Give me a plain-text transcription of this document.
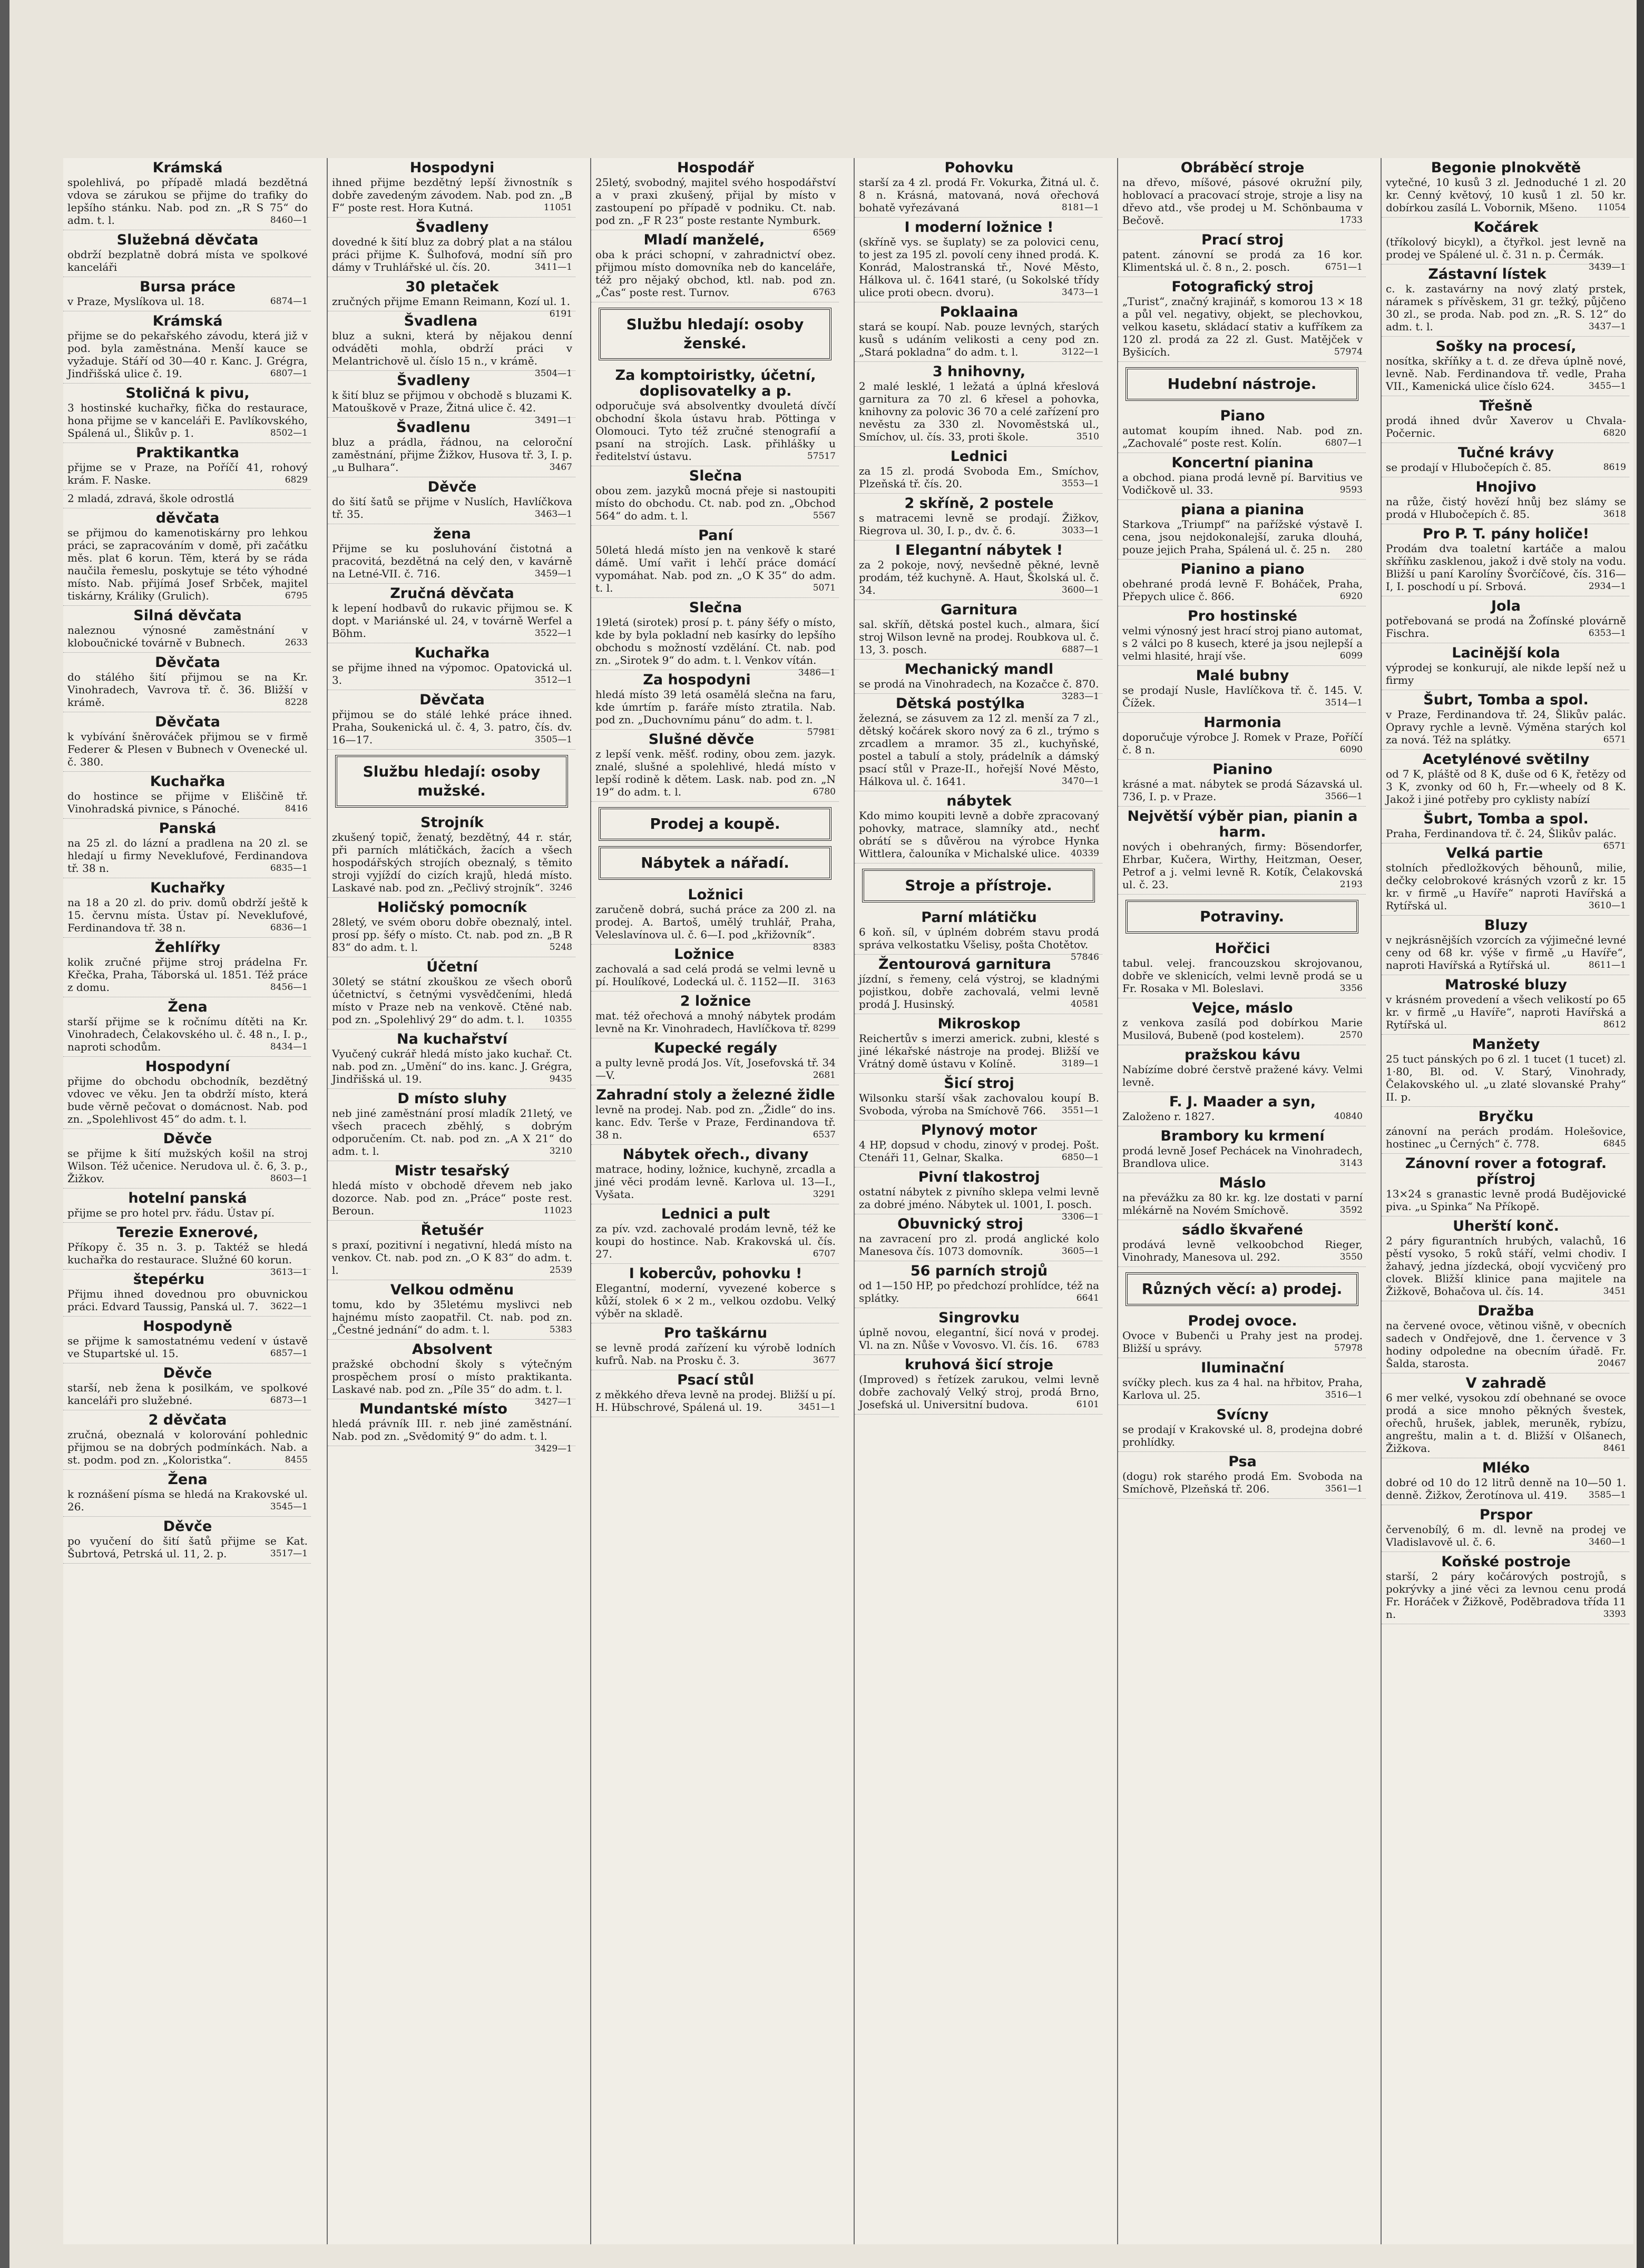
Krámská

spolehlivá, po případě mladá bezdětná vdova se zárukou se přijme do trafiky do lepšího stánku. Nab. pod zn. „R S 75“ do adm. t. l.	8460—1

Služebná děvčata

obdrží bezplatně dobrá místa ve spolkové kanceláři

Bursa práce

v Praze, Myslíkova ul. 18.	6874—1

Krámská

přijme se do pekařského závodu, která již v pod. byla zaměstnána. Menší kauce se vyžaduje. Stáří od 30—40 r. Kanc. J. Grégra, Jindřišská ulice č. 19.	6807—1

Stoličná k pivu,

3 hostinské kuchařky, fička do restaurace, hona přijme se v kanceláři E. Pavlíkovského, Spálená ul., Šlikův p. 1.	8502—1

Praktikantka

přijme se v Praze, na Poříčí 41, rohový krám. F. Naske.	6829

2 mladá, zdravá, škole odrostlá

děvčata

se přijmou do kamenotiskárny pro lehkou práci, se zapracováním v domě, při začátku měs. plat 6 korun. Těm, která by se ráda naučila řemeslu, poskytuje se této výhodné místo. Nab. přijímá Josef Srbček, majitel tiskárny, Králiky (Grulich).	6795

Silná děvčata

naleznou výnosné zaměstnání v kloboučnické továrně v Bubnech.	2633

Děvčata

do stálého šití přijmou se na Kr. Vinohradech, Vavrova tř. č. 36. Bližší v krámě.	8228

Děvčata

k vybívání šněrováček přijmou se v firmě Federer & Plesen v Bubnech v Ovenecké ul. č. 380.

Kuchařka

do hostince se přijme v Eliščině tř. Vinohradská pivnice, s Pánoché.	8416

Panská

na 25 zl. do lázní a pradlena na 20 zl. se hledají u firmy Neveklufové, Ferdinandova tř. 38 n.	6835—1

Kuchařky

na 18 a 20 zl. do priv. domů obdrží ještě k 15. červnu místa. Ústav pí. Neveklufové, Ferdinandova tř. 38 n.	6836—1

Žehlířky

kolik zručné přijme stroj prádelna Fr. Křečka, Praha, Táborská ul. 1851. Též práce z domu.	8456—1

Žena

starší přijme se k ročnímu dítěti na Kr. Vinohradech, Čelakovského ul. č. 48 n., I. p., naproti schodům.	8434—1

Hospodyní

přijme do obchodu obchodník, bezdětný vdovec ve věku. Jen ta obdrží místo, která bude věrně pečovat o domácnost. Nab. pod zn. „Spolehlivost 45“ do adm. t. l.

Děvče

se přijme k šití mužských košil na stroj Wilson. Též učenice. Nerudova ul. č. 6, 3. p., Žižkov.	8603—1

hotelní panská

přijme se pro hotel prv. řádu. Ústav pí.

Terezie Exnerové,

Příkopy č. 35 n. 3. p. Taktéž se hledá kuchařka do restaurace. Služné 60 korun.
3613—1

štepérku

Přijmu ihned dovednou pro obuvnickou práci. Edvard Taussig, Panská ul. 7. 3622—1

Hospodyně

se přijme k samostatnému vedení v ústavě ve Stupartské ul. 15.	6857—1

Děvče

starší, neb žena k posilkám, ve spolkové kanceláři pro služebné.	6873—1

2 děvčata

zručná, obeznalá v kolorování pohlednic přijmou se na dobrých podmínkách. Nab. a st. podm. pod zn. „Koloristka“.	8455

Žena

k roznášení písma se hledá na Krakovské ul. 26.	3545—1

Děvče

po vyučení do šití šatů přijme se Kat. Šubrtová, Petrská ul. 11, 2. p.	3517—1

Hospodyni

ihned přijme bezdětný lepší živnostník s dobře zavedeným závodem. Nab. pod zn. „B F“ poste rest. Hora Kutná.	11051

Švadleny

dovedné k šití bluz za dobrý plat a na stálou práci přijme K. Šulhofová, modní síň pro dámy v Truhlářské ul. čís. 20.	3411—1

30 pletaček

zručných přijme Emann Reimann, Kozí ul. 1.
6191

Švadlena

bluz a sukni, která by nějakou denní odváděti mohla, obdrží práci v Melantrichově ul. číslo 15 n., v krámě.
3504—1

Švadleny

k šití bluz se přijmou v obchodě s bluzami K. Matouškově v Praze, Žitná ulice č. 42.
3491—1

Švadlenu

bluz a prádla, řádnou, na celoroční zaměstnání, přijme Žižkov, Husova tř. 3, I. p. „u Bulhara“.	3467

Děvče

do šití šatů se přijme v Nuslích, Havlíčkova tř. 35.	3463—1

žena

Přijme se ku posluhování čistotná a pracovitá, bezdětná na celý den, v kavárně na Letné-VII. č. 716.	3459—1

Zručná děvčata

k lepení hodbavů do rukavic přijmou se. K dopt. v Mariánské ul. 24, v továrně Werfel a Böhm.	3522—1

Kuchařka

se přijme ihned na výpomoc. Opatovická ul. 3.	3512—1

Děvčata

přijmou se do stálé lehké práce ihned. Praha, Soukenická ul. č. 4, 3. patro, čís. dv. 16—17.	3505—1

Službu hledají: osoby mužské.
Strojník

zkušený topič, ženatý, bezdětný, 44 r. stár, při parních mlátičkách, žacích a všech hospodářských strojích obeznalý, s těmito stroji vyjíždí do cizích krajů, hledá místo. Laskavé nab. pod zn. „Pečlivý strojník“. 3246

Holičský pomocník

28letý, ve svém oboru dobře obeznalý, intel. prosí pp. šéfy o místo. Ct. nab. pod zn. „B R 83“ do adm. t. l.	5248

Účetní

30letý se státní zkouškou ze všech oborů účetnictví, s četnými vysvědčeními, hledá místo v Praze neb na venkově. Ctěné nab. pod zn. „Spolehlivý 29“ do adm. t. l. 10355

Na kuchařství

Vyučený cukrář hledá místo jako kuchař. Ct. nab. pod zn. „Umění“ do ins. kanc. J. Grégra, Jindřišská ul. 19.	9435

D místo sluhy

neb jiné zaměstnání prosí mladík 21letý, ve všech pracech zběhlý, s dobrým odporučením. Ct. nab. pod zn. „A X 21“ do adm. t. l.	3210

Mistr tesařský

hledá místo v obchodě dřevem neb jako dozorce. Nab. pod zn. „Práce“ poste rest. Beroun.	11023

Řetušér

s praxí, pozitivní i negativní, hledá místo na venkov. Ct. nab. pod zn. „O K 83“ do adm. t. l.	2539

Velkou odměnu

tomu, kdo by 35letému myslivci neb hajnému místo zaopatřil. Ct. nab. pod zn. „Čestné jednání“ do adm. t. l.	5383

Absolvent

pražské obchodní školy s výtečným prospěchem prosí o místo praktikanta. Laskavé nab. pod zn. „Píle 35“ do adm. t. l.
3427—1

Mundantské místo

hledá právník III. r. neb jiné zaměstnání. Nab. pod zn. „Svědomitý 9“ do adm. t. l.
3429—1

Hospodář

25letý, svobodný, majitel svého hospodářství a v praxi zkušený, přijal by místo v zastoupení po případě v podniku. Ct. nab. pod zn. „F R 23“ poste restante Nymburk.
6569

Mladí manželé,

oba k práci schopní, v zahradnictví obez. přijmou místo domovníka neb do kanceláře, též pro nějaký obchod, ktl. nab. pod zn. „Čas“ poste rest. Turnov.	6763

Službu hledají: osoby ženské.
Za komptoiristky, účetní, doplisovatelky a p.

odporučuje svá absolventky dvouletá dívčí obchodní škola ústavu hrab. Pöttinga v Olomouci. Tyto též zručné stenografií a psaní na strojích. Lask. přihlášky u ředitelství ústavu.	57517

Slečna

obou zem. jazyků mocná přeje si nastoupiti místo do obchodu. Ct. nab. pod zn. „Obchod 564“ do adm. t. l.	5567

Paní

50letá hledá místo jen na venkově k staré dámě. Umí vařit i lehčí práce domácí vypomáhat. Nab. pod zn. „O K 35“ do adm. t. l.	5071

Slečna

19letá (sirotek) prosí p. t. pány šéfy o místo, kde by byla pokladní neb kasírky do lepšího obchodu s možností vzdělání. Ct. nab. pod zn. „Sirotek 9“ do adm. t. l. Venkov vítán.
3486—1

Za hospodyni

hledá místo 39 letá osamělá slečna na faru, kde úmrtím p. faráře místo ztratila. Nab. pod zn. „Duchovnímu pánu“ do adm. t. l.
57981

Slušné děvče

z lepší venk. měšť. rodiny, obou zem. jazyk. znalé, slušné a spolehlivé, hledá místo v lepší rodině k dětem. Lask. nab. pod zn. „N 19“ do adm. t. l.	6780

Prodej a koupě.
Nábytek a nářadí.
Ložnici

zaručeně dobrá, suchá práce za 200 zl. na prodej. A. Bartoš, umělý truhlář, Praha, Veleslavínova ul. č. 6—I. pod „křižovník“.
8383

Ložnice

zachovalá a sad celá prodá se velmi levně u pí. Houlíkové, Lodecká ul. č. 1152—II. 3163

2 ložnice

mat. též ořechová a mnohý nábytek prodám levně na Kr. Vinohradech, Havlíčkova tř. 8299

Kupecké regály

a pulty levně prodá Jos. Vít, Josefovská tř. 34—V.	2681

Zahradní stoly a železné židle

levně na prodej. Nab. pod zn. „Židle“ do ins. kanc. Edv. Terše v Praze, Ferdinandova tř. 38 n.	6537

Nábytek ořech., divany

matrace, hodiny, ložnice, kuchyně, zrcadla a jiné věci prodám levně. Karlova ul. 13—I., Vyšata.	3291

Lednici a pult

za pív. vzd. zachovalé prodám levně, též ke koupi do hostince. Nab. Krakovská ul. čís. 27.	6707

I kobercův, pohovku !

Elegantní, moderní, vyvezené koberce s kůží, stolek 6 × 2 m., velkou ozdobu. Velký výběr na skladě.

Pro taškárnu

se levně prodá zařízení ku výrobě lodních kufrů. Nab. na Prosku č. 3.	3677

Psací stůl

z měkkého dřeva levně na prodej. Bližší u pí. H. Hübschrové, Spálená ul. 19.	3451—1

Pohovku

starší za 4 zl. prodá Fr. Vokurka, Žitná ul. č. 8 n. Krásná, matovaná, nová ořechová bohatě vyřezávaná	8181—1

I moderní ložnice !

(skříně vys. se šuplaty) se za polovici cenu, to jest za 195 zl. povolí ceny ihned prodá. K. Konrád, Malostranská tř., Nové Město, Hálkova ul. č. 1641 staré, (u Sokolské třídy ulice proti obecn. dvoru).	3473—1

Poklaaina

stará se koupí. Nab. pouze levných, starých kusů s udáním velikosti a ceny pod zn. „Stará pokladna“ do adm. t. l.	3122—1

3 hnihovny,

2 malé lesklé, 1 ležatá a úplná křeslová garnitura za 70 zl. 6 křesel a pohovka, knihovny za polovic 36 70 a celé zařízení pro nevěstu za 330 zl. Novoměstská ul., Smíchov, ul. čís. 33, proti škole.	3510

Lednici

za 15 zl. prodá Svoboda Em., Smíchov, Plzeňská tř. čís. 20.	3553—1

2 skříně, 2 postele

s matracemi levně se prodají. Žižkov, Riegrova ul. 30, I. p., dv. č. 6.	3033—1

I Elegantní nábytek !

za 2 pokoje, nový, nevšedně pěkné, levně prodám, též kuchyně. A. Haut, Školská ul. č. 34.	3600—1

Garnitura

sal. skříň, dětská postel kuch., almara, šicí stroj Wilson levně na prodej. Roubkova ul. č. 13, 3. posch.	6887—1

Mechanický mandl

se prodá na Vinohradech, na Kozačce č. 870.
3283—1

Dětská postýlka

železná, se zásuvem za 12 zl. menší za 7 zl., dětský kočárek skoro nový za 6 zl., trýmo s zrcadlem a mramor. 35 zl., kuchyňské, postel a tabulí a stoly, prádelník a dámský psací stůl v Praze-II., hořejší Nové Město, Hálkova ul. č. 1641.	3470—1

nábytek

Kdo mimo koupiti levně a dobře zpracovaný pohovky, matrace, slamníky atd., nechť obrátí se s důvěrou na výrobce Hynka Wittlera, čalouníka v Michalské ulice. 40339

Stroje a přístroje.
Parní mlátičku

6 koň. síl, v úplném dobrém stavu prodá správa velkostatku Všelisy, pošta Chotětov.
57846

Žentourová garnitura

jízdní, s řemeny, celá výstroj, se kladnými pojistkou, dobře zachovalá, velmi levně prodá J. Husinský.	40581

Mikroskop

Reichertův s imerzi americk. zubni, klesté s jiné lékařské nástroje na prodej. Bližší ve Vrátný domě ústavu v Kolíně.	3189—1

Šicí stroj

Wilsonku starší však zachovalou koupí B. Svoboda, výroba na Smíchově 766. 3551—1

Plynový motor

4 HP, dopsud v chodu, zinový v prodej. Pošt. Ctenáři 11, Gelnar, Skalka.	6850—1

Pivní tlakostroj

ostatní nábytek z pivního sklepa velmi levně za dobré jméno. Nábytek ul. 1001, I. posch.
3306—1

Obuvnický stroj

na zavracení pro zl. prodá anglické kolo Manesova čís. 1073 domovník.	3605—1

56 parních strojů

od 1—150 HP, po předchozí prohlídce, též na splátky.	6641

Singrovku

úplně novou, elegantní, šicí nová v prodej. Vl. na zn. Nůše v Vovosvo. Vl. čís. 16. 6783

kruhová šicí stroje

(Improved) s řetízek zarukou, velmi levně dobře zachovalý Velký stroj, prodá Brno, Josefská ul. Universitní budova.	6101

Obráběcí stroje

na dřevo, míšové, pásové okružní pily, hoblovací a pracovací stroje, stroje a lisy na dřevo atd., vše prodej u M. Schönbauma v Bečově.	1733

Prací stroj

patent. zánovní se prodá za 16 kor. Klimentská ul. č. 8 n., 2. posch.	6751—1

Fotografický stroj

„Turist“, značný krajinář, s komorou 13 × 18 a půl vel. negativy, objekt, se plechovkou, velkou kasetu, skládací stativ a kufříkem za 120 zl. prodá za 22 zl. Gust. Matějček v Byšicích.	57974

Hudební nástroje.
Piano

automat koupím ihned. Nab. pod zn. „Zachovalé“ poste rest. Kolín.	6807—1

Koncertní pianina

a obchod. piana prodá levně pí. Barvitius ve Vodičkově ul. 33.	9593

piana a pianina

Starkova „Triumpf“ na pařížské výstavě I. cena, jsou nejdokonalejší, zaruka dlouhá, pouze jejich Praha, Spálená ul. č. 25 n. 280

Pianino a piano

obehrané prodá levně F. Boháček, Praha, Přepych ulice č. 866.	6920

Pro hostinské

velmi výnosný jest hrací stroj piano automat, s 2 válci po 8 kusech, které ja jsou nejlepší a velmi hlasité, hrají vše.	6099

Malé bubny

se prodají Nusle, Havlíčkova tř. č. 145. V. Čížek.	3514—1

Harmonia

doporučuje výrobce J. Romek v Praze, Poříčí č. 8 n.	6090

Pianino

krásné a mat. nábytek se prodá Sázavská ul. 736, I. p. v Praze.	3566—1

Největší výběr pian, pianin a harm.

nových i obehraných, firmy: Bösendorfer, Ehrbar, Kučera, Wirthy, Heitzman, Oeser, Petrof a j. velmi levně R. Kotík, Čelakovská ul. č. 23.	2193

Potraviny.
Hořčici

tabul. velej. francouzskou skrojovanou, dobře ve sklenicích, velmi levně prodá se u Fr. Rosaka v Ml. Boleslavi.	3356

Vejce, máslo

z venkova zasílá pod dobírkou Marie Musilová, Bubeně (pod kostelem).	2570

pražskou kávu

Nabízíme dobré čerstvě pražené kávy. Velmi levně.

F. J. Maader a syn,

Založeno r. 1827.	40840

Brambory ku krmení

prodá levně Josef Pechácek na Vinohradech, Brandlova ulice.	3143

Máslo

na převážku za 80 kr. kg. lze dostati v parní mlékárně na Novém Smíchově.	3592

sádlo škvařené

prodává levně velkoobchod Rieger, Vinohrady, Manesova ul. 292.	3550

Různých věcí: a) prodej.
Prodej ovoce.

Ovoce v Bubenči u Prahy jest na prodej. Bližší u správy.	57978

Iluminační

svíčky plech. kus za 4 hal. na hřbitov, Praha, Karlova ul. 25.	3516—1

Svícny

se prodají v Krakovské ul. 8, prodejna dobré prohlídky.

Psa

(dogu) rok starého prodá Em. Svoboda na Smíchově, Plzeňská tř. 206.	3561—1

Begonie plnokvětě

vytečné, 10 kusů 3 zl. Jednoduché 1 zl. 20 kr. Cenný květový, 10 kusů 1 zl. 50 kr. dobírkou zasílá L. Vobornik, Mšeno. 11054

Kočárek

(tříkolový bicykl), a čtyřkol. jest levně na prodej ve Spálené ul. č. 31 n. p. Čermák.
3439—1

Zástavní lístek

c. k. zastavárny na nový zlatý prstek, náramek s přívěskem, 31 gr. težký, půjčeno 30 zl., se proda. Nab. pod zn. „R. S. 12“ do adm. t. l.	3437—1

Sošky na procesí,

nosítka, skříňky a t. d. ze dřeva úplně nové, levně. Nab. Ferdinandova tř. vedle, Praha VII., Kamenická ulice číslo 624.	3455—1

Třešně

prodá ihned dvůr Xaverov u Chvala-Počernic.	6820

Tučné krávy

se prodají v Hlubočepích č. 85.	8619

Hnojivo

na růže, čistý hovězí hnůj bez slámy se prodá v Hlubočepích č. 85.	3618

Pro P. T. pány holiče!

Prodám dva toaletní kartáče a malou skříňku zasklenou, jakož i dvě stoly na vodu. Bližší u paní Karolíny Švorčíčové, čís. 316—I, I. poschodí u pí. Srbová.	2934—1

Jola

potřebovaná se prodá na Žofínské plovárně Fischra.	6353—1

Lacinější kola

výprodej se konkurují, ale nikde lepší než u firmy

Šubrt, Tomba a spol.

v Praze, Ferdinandova tř. 24, Šlikův palác. Opravy rychle a levně. Výměna starých kol za nová. Též na splátky.	6571

Acetylénové světilny

od 7 K, pláště od 8 K, duše od 6 K, řetězy od 3 K, zvonky od 60 h, Fr.—wheely od 8 K. Jakož i jiné potřeby pro cyklisty nabízí

Šubrt, Tomba a spol.

Praha, Ferdinandova tř. č. 24, Šlikův palác.
6571

Velká partie

stolních předložkových běhounů, milie, dečky celobrokové krásných vzorů z kr. 15 kr. v firmě „u Havíře“ naproti Havířská a Rytířská ul.	3610—1

Bluzy

v nejkrásnějších vzorcích za výjimečné levné ceny od 68 kr. výše v firmě „u Havíře“, naproti Havířská a Rytířská ul.	8611—1

Matroské bluzy

v krásném provedení a všech velikostí po 65 kr. v firmě „u Havíře“, naproti Havířská a Rytířská ul.	8612

Manžety

25 tuct pánských po 6 zl. 1 tucet (1 tucet) zl. 1·80, Bl. od. V. Starý, Vinohrady, Čelakovského ul. „u zlaté slovanské Prahy“ II. p.

Bryčku

zánovní na perách prodám. Holešovice, hostinec „u Černých“ č. 778.	6845

Zánovní rover a fotograf. přístroj

13×24 s granastic levně prodá Budějovické piva. „u Spinka“ Na Příkopě.

Uherští konč.

2 páry figurantních hrubých, valachů, 16 pěstí vysoko, 5 roků stáří, velmi chodiv. I žahavý, jedna jízdecká, obojí vycvičený pro clovek. Bližší klinice pana majitele na Žižkově, Bohačova ul. čís. 14.	3451

Dražba

na červené ovoce, větinou višně, v obecních sadech v Ondřejově, dne 1. července v 3 hodiny odpoledne na obecním úřadě. Fr. Šalda, starosta.	20467

V zahradě

6 mer velké, vysokou zdí obehnané se ovoce prodá a sice mnoho pěkných švestek, ořechů, hrušek, jablek, meruněk, rybízu, angreštu, malin a t. d. Bližší v Olšanech, Žižkova.	8461

Mléko

dobré od 10 do 12 litrů denně na 10—50 1. denně. Žižkov, Žerotínova ul. 419. 3585—1

Prspor

červenobílý, 6 m. dl. levně na prodej ve Vladislavově ul. č. 6.	3460—1

Koňské postroje

starší, 2 páry kočárových postrojů, s pokrývky a jiné věci za levnou cenu prodá Fr. Horáček v Žižkově, Poděbradova třída 11 n.	3393
